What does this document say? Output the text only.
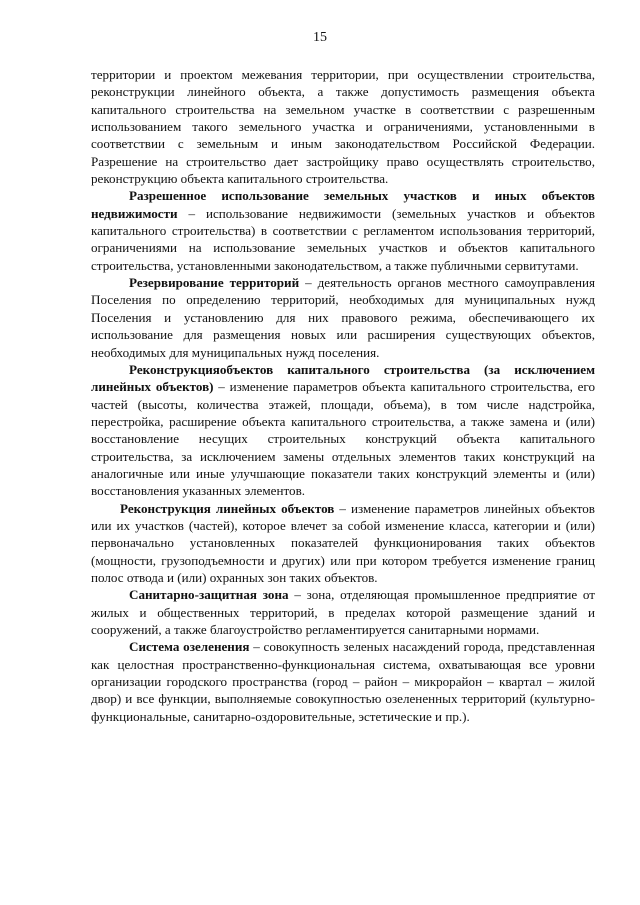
15

территории и проектом межевания территории, при осуществлении строительства, реконструкции линейного объекта, а также допустимость размещения объекта капитального строительства на земельном участке в соответствии с разрешенным использованием такого земельного участка и ограничениями, установленными в соответствии с земельным и иным законодательством Российской Федерации. Разрешение на строительство дает застройщику право осуществлять строительство, реконструкцию объекта капитального строительства.

Разрешенное использование земельных участков и иных объектов недвижимости – использование недвижимости (земельных участков и объектов капитального строительства) в соответствии с регламентом использования территорий, ограничениями на использование земельных участков и объектов капитального строительства, установленными законодательством, а также публичными сервитутами.

Резервирование территорий – деятельность органов местного самоуправления Поселения по определению территорий, необходимых для муниципальных нужд Поселения и установлению для них правового режима, обеспечивающего их использование для размещения новых или расширения существующих объектов, необходимых для муниципальных нужд поселения.

Реконструкцияобъектов капитального строительства (за исключением линейных объектов) – изменение параметров объекта капитального строительства, его частей (высоты, количества этажей, площади, объема), в том числе надстройка, перестройка, расширение объекта капитального строительства, а также замена и (или) восстановление несущих строительных конструкций объекта капитального строительства, за исключением замены отдельных элементов таких конструкций на аналогичные или иные улучшающие показатели таких конструкций элементы и (или) восстановления указанных элементов.

Реконструкция линейных объектов – изменение параметров линейных объектов или их участков (частей), которое влечет за собой изменение класса, категории и (или) первоначально установленных показателей функционирования таких объектов (мощности, грузоподъемности и других) или при котором требуется изменение границ полос отвода и (или) охранных зон таких объектов.

Санитарно-защитная зона – зона, отделяющая промышленное предприятие от жилых и общественных территорий, в пределах которой размещение зданий и сооружений, а также благоустройство регламентируется санитарными нормами.

Система озеленения – совокупность зеленых насаждений города, представленная как целостная пространственно-функциональная система, охватывающая все уровни организации городского пространства (город – район – микрорайон – квартал – жилой двор) и все функции, выполняемые совокупностью озелененных территорий (культурно-функциональные, санитарно-оздоровительные, эстетические и пр.).
